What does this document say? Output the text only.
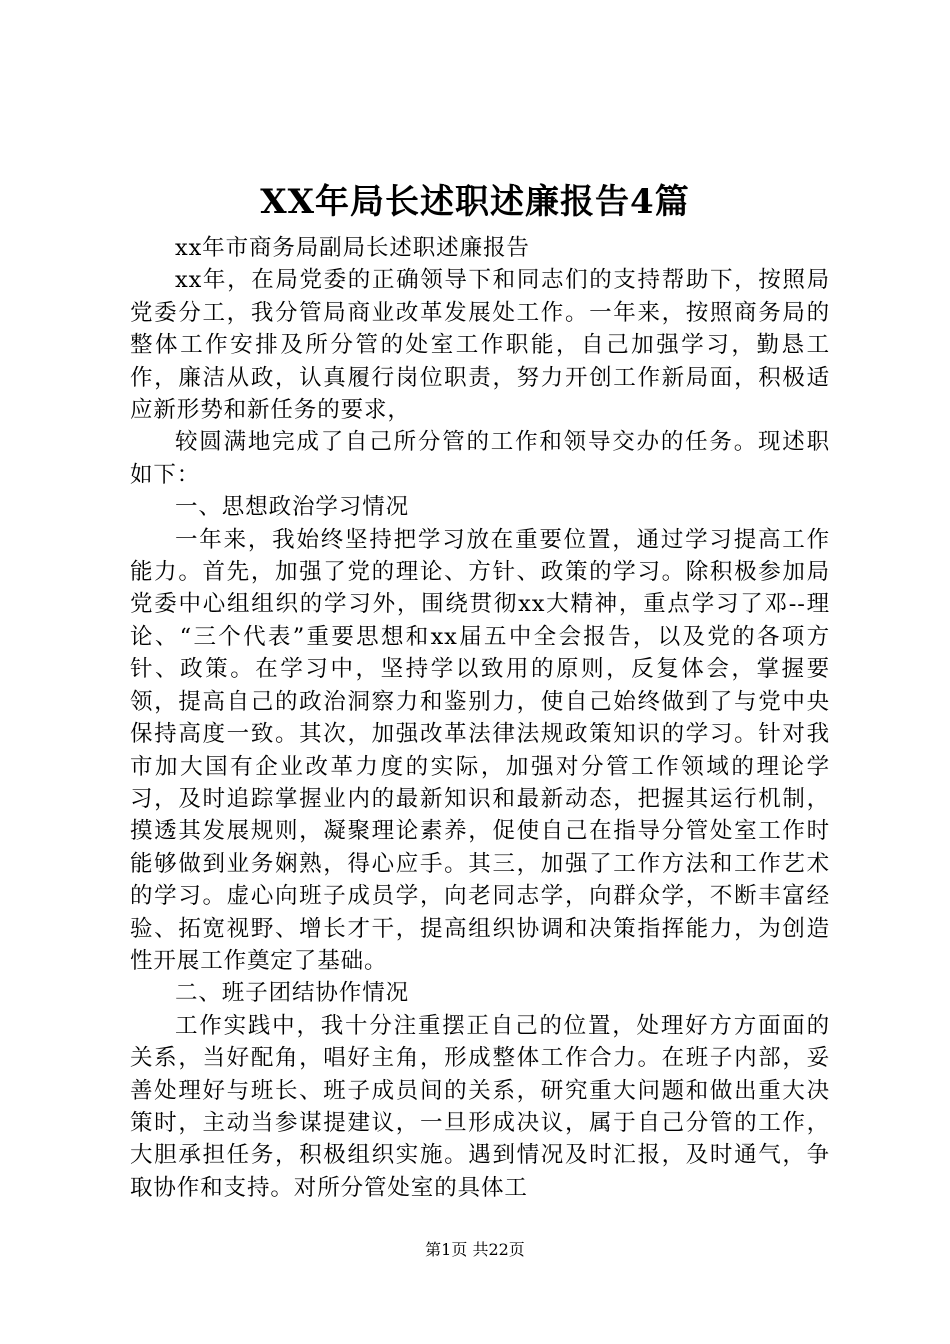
XX年局长述职述廉报告4篇

xx年市商务局副局长述职述廉报告

xx年，在局党委的正确领导下和同志们的支持帮助下，按照局党委分工，我分管局商业改革发展处工作。一年来，按照商务局的整体工作安排及所分管的处室工作职能，自己加强学习，勤恳工作，廉洁从政，认真履行岗位职责，努力开创工作新局面，积极适应新形势和新任务的要求，

较圆满地完成了自己所分管的工作和领导交办的任务。现述职如下：

一、思想政治学习情况

一年来，我始终坚持把学习放在重要位置，通过学习提高工作能力。首先，加强了党的理论、方针、政策的学习。除积极参加局党委中心组组织的学习外，围绕贯彻xx大精神，重点学习了邓--理论、“三个代表”重要思想和xx届五中全会报告，以及党的各项方针、政策。在学习中，坚持学以致用的原则，反复体会，掌握要领，提高自己的政治洞察力和鉴别力，使自己始终做到了与党中央保持高度一致。其次，加强改革法律法规政策知识的学习。针对我市加大国有企业改革力度的实际，加强对分管工作领域的理论学习，及时追踪掌握业内的最新知识和最新动态，把握其运行机制，摸透其发展规则，凝聚理论素养，促使自己在指导分管处室工作时能够做到业务娴熟，得心应手。其三，加强了工作方法和工作艺术的学习。虚心向班子成员学，向老同志学，向群众学，不断丰富经验、拓宽视野、增长才干，提高组织协调和决策指挥能力，为创造性开展工作奠定了基础。

二、班子团结协作情况

工作实践中，我十分注重摆正自己的位置，处理好方方面面的关系，当好配角，唱好主角，形成整体工作合力。在班子内部，妥善处理好与班长、班子成员间的关系，研究重大问题和做出重大决策时，主动当参谋提建议，一旦形成决议，属于自己分管的工作，大胆承担任务，积极组织实施。遇到情况及时汇报，及时通气，争取协作和支持。对所分管处室的具体工

第1页 共22页
